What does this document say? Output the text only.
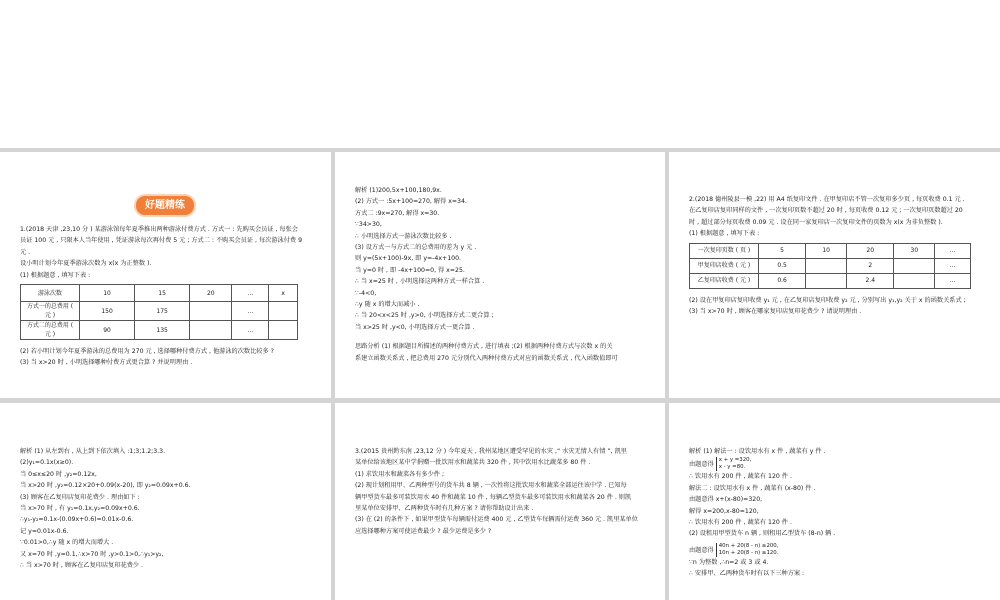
好题精练
1.(2018 天津 ,23,10 分 ) 某游泳馆每年夏季推出两种游泳付费方式 . 方式一 : 先购买会员证 , 每张会
员证 100 元 , 只限本人当年使用 , 凭证游泳每次再付费 5 元 ; 方式二 : 不购买会员证 , 每次游泳付费 9
元 .
设小明计划今年夏季游泳次数为 x(x 为正整数 ).
(1) 根据题意 , 填写下表 :
游泳次数	10	15	20	…	x
方式一的总费用 ( 元 )	150	175		…	
方式二的总费用 ( 元 )	90	135		…	
(2) 若小明计划今年夏季游泳的总费用为 270 元 , 选择哪种付费方式 , 他游泳的次数比较多 ?
(3) 当 x>20 时 , 小明选择哪种付费方式更合算 ? 并说明理由 .
解析 (1)200,5x+100,180,9x.
(2) 方式一 :5x+100=270, 解得 x=34.
方式二 :9x=270, 解得 x=30.
∵34>30,
∴ 小明选择方式一游泳次数比较多 .
(3) 设方式一与方式二的总费用的差为 y 元 .
则 y=(5x+100)-9x, 即 y=-4x+100.
当 y=0 时 , 即 -4x+100=0, 得 x=25.
∴ 当 x=25 时 , 小明选择这两种方式一样合算 .
∵-4<0,
∴y 随 x 的增大而减小 .
∴ 当 20<x<25 时 ,y>0, 小明选择方式二更合算 ;
当 x>25 时 ,y<0, 小明选择方式一更合算 .
思路分析 (1) 根据题目所描述的两种付费方式 , 进行填表 ;(2) 根据两种付费方式与次数 x 的关
系建立函数关系式 , 把总费用 270 元分别代入两种付费方式对应的函数关系式 , 代入函数值即可
2.(2018 德州陵县一模 ,22) 用 A4 纸复印文件 . 在甲复印店不管一次复印多少页 , 每页收费 0.1 元 .
在乙复印店复印同样的文件 , 一次复印页数不超过 20 时 , 每页收费 0.12 元 ; 一次复印页数超过 20
时 , 超过部分每页收费 0.09 元 . 设在同一家复印店一次复印文件的页数为 x(x 为非负整数 ).
(1) 根据题意 , 填写下表 :
一次复印页数 ( 页 )	5	10	20	30	…
甲复印店收费 ( 元 )	0.5		2		…
乙复印店收费 ( 元 )	0.6		2.4		…
(2) 设在甲复印店复印收费 y₁ 元 , 在乙复印店复印收费 y₂ 元 , 分别写出 y₁,y₂ 关于 x 的函数关系式 ;
(3) 当 x>70 时 , 顾客在哪家复印店复印花费少 ? 请说明理由 .
解析 (1) 从左到右 , 从上到下依次填入 :1;3;1.2;3.3.
(2)y₁=0.1x(x≥0).
当 0≤x≤20 时 ,y₂=0.12x,
当 x>20 时 ,y₂=0.12×20+0.09(x-20), 即 y₂=0.09x+0.6.
(3) 顾客在乙复印店复印花费少 . 理由如下 :
当 x>70 时 , 有 y₁=0.1x,y₂=0.09x+0.6.
∴y₁-y₂=0.1x-(0.09x+0.6)=0.01x-0.6.
记 y=0.01x-0.6.
∵0.01>0,∴y 随 x 的增大而增大 .
又 x=70 时 ,y=0.1,∴x>70 时 ,y>0.1>0,∴y₁>y₂,
∴ 当 x>70 时 , 顾客在乙复印店复印花费少 .
3.(2015 贵州黔东南 ,23,12 分 ) 今年夏天 , 我州某地区遭受罕见的水灾 ,“ 水灾无情人有情 ”, 凯里
某单位给该地区某中学捐赠一批饮用水和蔬菜共 320 件 , 其中饮用水比蔬菜多 80 件 .
(1) 求饮用水和蔬菜各有多少件 ;
(2) 现计划租用甲、乙两种型号的货车共 8 辆 , 一次性将这批饮用水和蔬菜全部运往该中学 . 已知每
辆甲型货车最多可装饮用水 40 件和蔬菜 10 件 , 每辆乙型货车最多可装饮用水和蔬菜各 20 件 . 则凯
里某单位安排甲、乙两种货车时有几种方案 ? 请你帮助设计出来 .
(3) 在 (2) 的条件下 , 如果甲型货车每辆需付运费 400 元 , 乙型货车每辆需付运费 360 元 . 凯里某单位
应选择哪种方案可使运费最少 ? 最少运费是多少 ?
解析 (1) 解法一 : 设饮用水有 x 件 , 蔬菜有 y 件 .
由题意得 x + y =320,
x - y =80.
∴ 饮用水有 200 件 , 蔬菜有 120 件 .
解法二 : 设饮用水有 x 件 , 蔬菜有 (x-80) 件 .
由题意得 x+(x-80)=320,
解得 x=200,x-80=120,
∴ 饮用水有 200 件 , 蔬菜有 120 件 .
(2) 设租用甲型货车 n 辆 , 则租用乙型货车 (8-n) 辆 .
由题意得 40n + 20(8 - n) ≥200,
10n + 20(8 - n) ≥120.
∵n 为整数 ,∴n=2 或 3 或 4.
∴ 安排甲、乙两种货车时有以下三种方案 :
